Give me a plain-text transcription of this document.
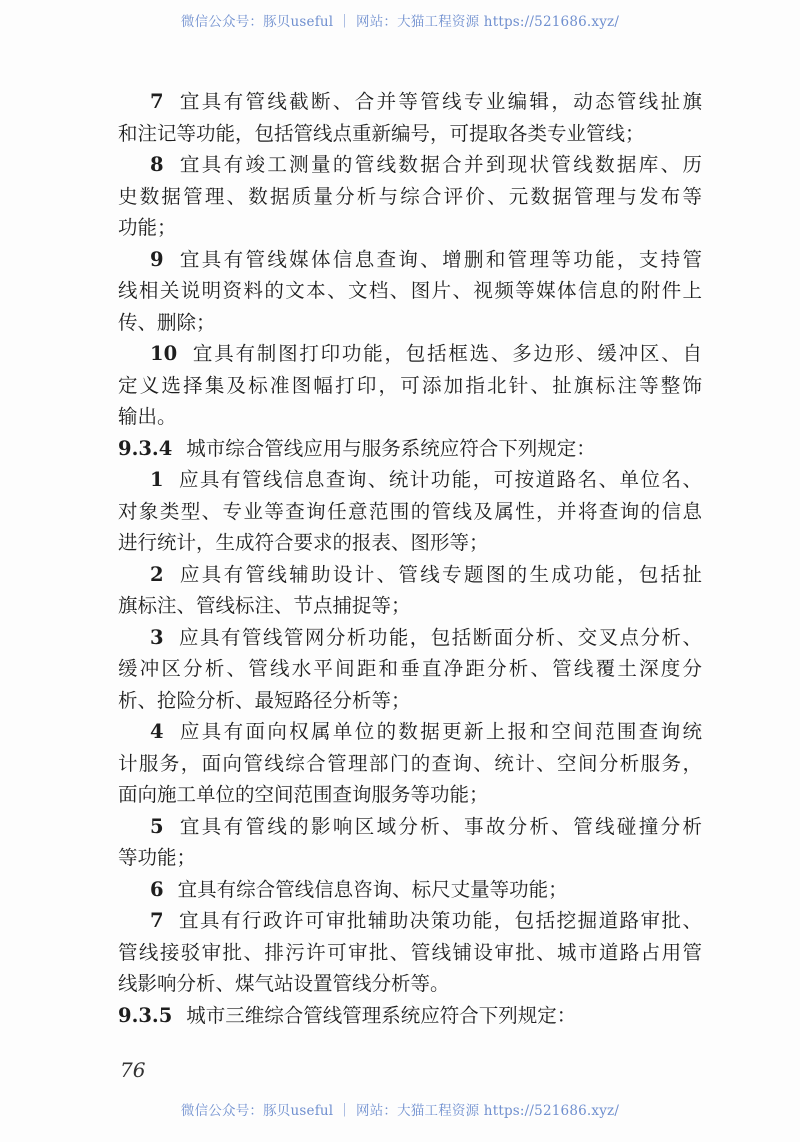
微信公众号：豚贝useful ｜ 网站：大猫工程资源 https://521686.xyz/
7 宜具有管线截断、合并等管线专业编辑，动态管线扯旗
和注记等功能，包括管线点重新编号，可提取各类专业管线；
8 宜具有竣工测量的管线数据合并到现状管线数据库、历
史数据管理、数据质量分析与综合评价、元数据管理与发布等
功能；
9 宜具有管线媒体信息查询、增删和管理等功能，支持管
线相关说明资料的文本、文档、图片、视频等媒体信息的附件上
传、删除；
10 宜具有制图打印功能，包括框选、多边形、缓冲区、自
定义选择集及标准图幅打印，可添加指北针、扯旗标注等整饰
输出。
9.3.4 城市综合管线应用与服务系统应符合下列规定：
1 应具有管线信息查询、统计功能，可按道路名、单位名、
对象类型、专业等查询任意范围的管线及属性，并将查询的信息
进行统计，生成符合要求的报表、图形等；
2 应具有管线辅助设计、管线专题图的生成功能，包括扯
旗标注、管线标注、节点捕捉等；
3 应具有管线管网分析功能，包括断面分析、交叉点分析、
缓冲区分析、管线水平间距和垂直净距分析、管线覆土深度分
析、抢险分析、最短路径分析等；
4 应具有面向权属单位的数据更新上报和空间范围查询统
计服务，面向管线综合管理部门的查询、统计、空间分析服务，
面向施工单位的空间范围查询服务等功能；
5 宜具有管线的影响区域分析、事故分析、管线碰撞分析
等功能；
6 宜具有综合管线信息咨询、标尺丈量等功能；
7 宜具有行政许可审批辅助决策功能，包括挖掘道路审批、
管线接驳审批、排污许可审批、管线铺设审批、城市道路占用管
线影响分析、煤气站设置管线分析等。
9.3.5 城市三维综合管线管理系统应符合下列规定：
76
微信公众号：豚贝useful ｜ 网站：大猫工程资源 https://521686.xyz/
